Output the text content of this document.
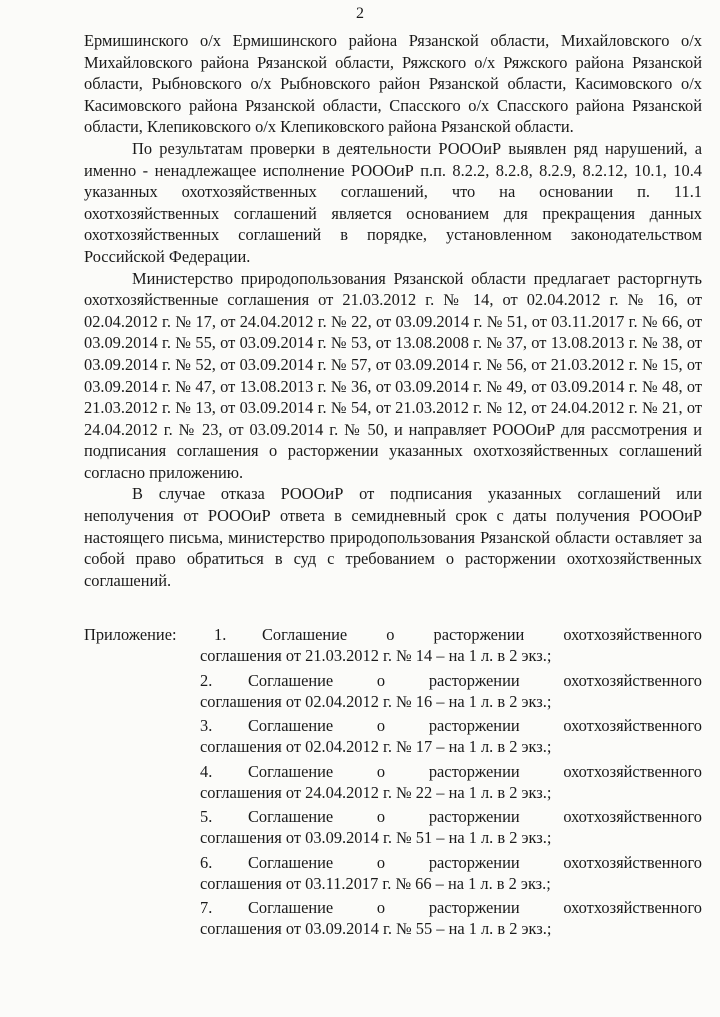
2

Ермишинского о/х Ермишинского района Рязанской области, Михайловского о/х Михайловского района Рязанской области, Ряжского о/х Ряжского района Рязанской области, Рыбновского о/х Рыбновского район Рязанской области, Касимовского о/х Касимовского района Рязанской области, Спасского о/х Спасского района Рязанской области, Клепиковского о/х Клепиковского района Рязанской области.

По результатам проверки в деятельности РОООиР выявлен ряд нарушений, а именно - ненадлежащее исполнение РОООиР п.п. 8.2.2, 8.2.8, 8.2.9, 8.2.12, 10.1, 10.4 указанных охотхозяйственных соглашений, что на основании п. 11.1 охотхозяйственных соглашений является основанием для прекращения данных охотхозяйственных соглашений в порядке, установленном законодательством Российской Федерации.

Министерство природопользования Рязанской области предлагает расторгнуть охотхозяйственные соглашения от 21.03.2012 г. № 14, от 02.04.2012 г. № 16, от 02.04.2012 г. № 17, от 24.04.2012 г. № 22, от 03.09.2014 г. № 51, от 03.11.2017 г. № 66, от 03.09.2014 г. № 55, от 03.09.2014 г. № 53, от 13.08.2008 г. № 37, от 13.08.2013 г. № 38, от 03.09.2014 г. № 52, от 03.09.2014 г. № 57, от 03.09.2014 г. № 56, от 21.03.2012 г. № 15, от 03.09.2014 г. № 47, от 13.08.2013 г. № 36, от 03.09.2014 г. № 49, от 03.09.2014 г. № 48, от 21.03.2012 г. № 13, от 03.09.2014 г. № 54, от 21.03.2012 г. № 12, от 24.04.2012 г. № 21, от 24.04.2012 г. № 23, от 03.09.2014 г. № 50, и направляет РОООиР для рассмотрения и подписания соглашения о расторжении указанных охотхозяйственных соглашений согласно приложению.

В случае отказа РОООиР от подписания указанных соглашений или неполучения от РОООиР ответа в семидневный срок с даты получения РОООиР настоящего письма, министерство природопользования Рязанской области оставляет за собой право обратиться в суд с требованием о расторжении охотхозяйственных соглашений.

Приложение:	1. Соглашение о расторжении охотхозяйственного
соглашения от 21.03.2012 г. № 14 – на 1 л. в 2 экз.;
2. Соглашение о расторжении охотхозяйственного
соглашения от 02.04.2012 г. № 16 – на 1 л. в 2 экз.;
3. Соглашение о расторжении охотхозяйственного
соглашения от 02.04.2012 г. № 17 – на 1 л. в 2 экз.;
4. Соглашение о расторжении охотхозяйственного
соглашения от 24.04.2012 г. № 22 – на 1 л. в 2 экз.;
5. Соглашение о расторжении охотхозяйственного
соглашения от 03.09.2014 г. № 51 – на 1 л. в 2 экз.;
6. Соглашение о расторжении охотхозяйственного
соглашения от 03.11.2017 г. № 66 – на 1 л. в 2 экз.;
7. Соглашение о расторжении охотхозяйственного
соглашения от 03.09.2014 г. № 55 – на 1 л. в 2 экз.;
